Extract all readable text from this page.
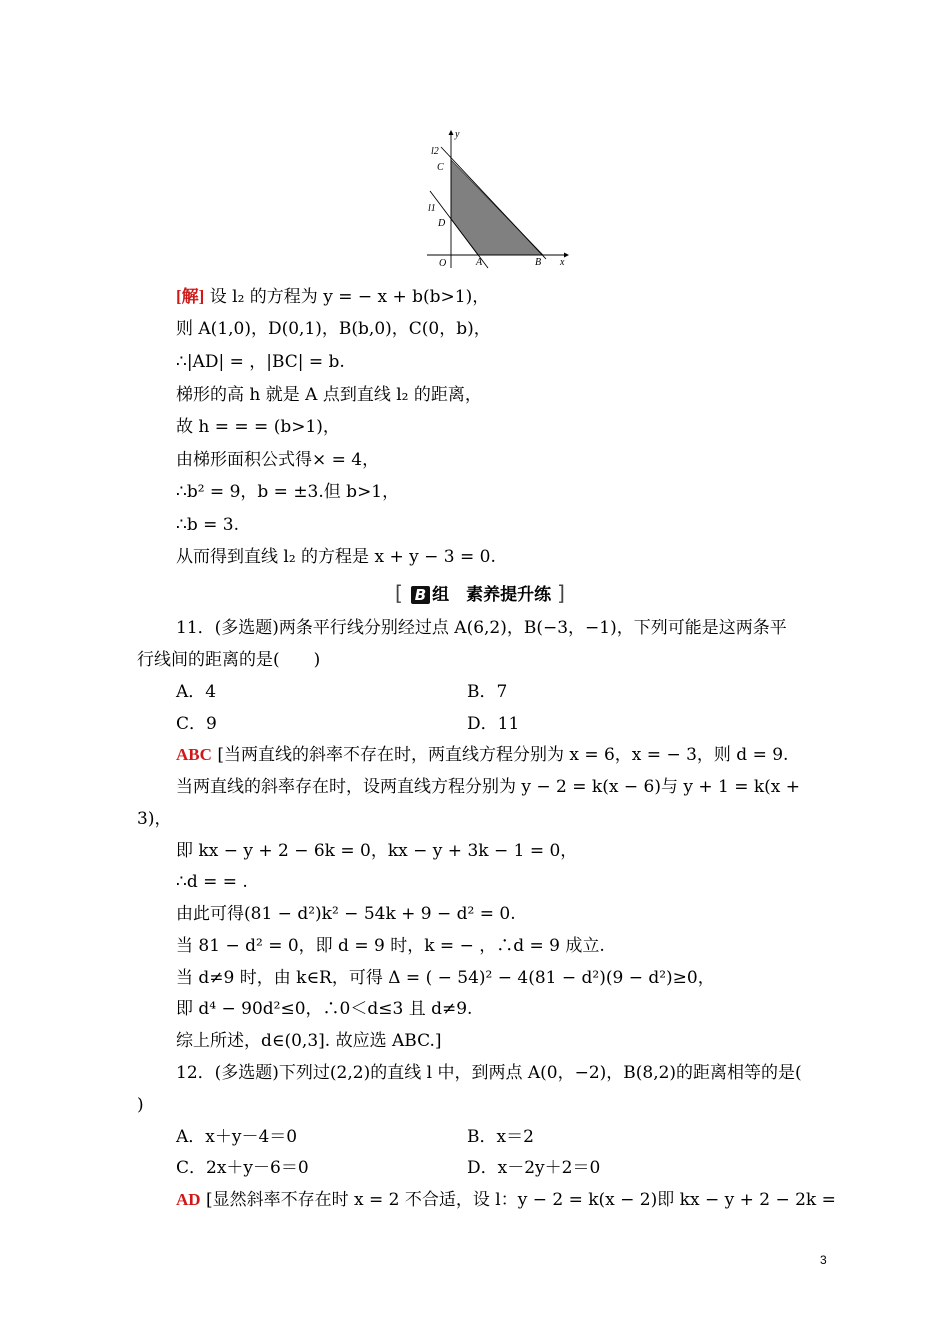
y
x
l2
l1
C
D
O	A	B
[解] 设 l₂ 的方程为 y = − x + b(b>1)，
则 A(1,0)，D(0,1)，B(b,0)，C(0，b)，
∴|AD| = ，|BC| = b.
梯形的高 h 就是 A 点到直线 l₂ 的距离，
故 h = = = (b>1)，
由梯形面积公式得× = 4，
∴b² = 9，b = ±3.但 b>1，
∴b = 3.
从而得到直线 l₂ 的方程是 x + y − 3 = 0.
[ B 组　素养提升练 ]
11．(多选题)两条平行线分别经过点 A(6,2)，B(−3，−1)，下列可能是这两条平
行线间的距离的是(　　)
A．4	B．7
C．9	D．11
ABC [当两直线的斜率不存在时，两直线方程分别为 x = 6，x = − 3，则 d = 9.
当两直线的斜率存在时，设两直线方程分别为 y − 2 = k(x − 6)与 y + 1 = k(x +
3)，
即 kx − y + 2 − 6k = 0，kx − y + 3k − 1 = 0，
∴d = = .
由此可得(81 − d²)k² − 54k + 9 − d² = 0.
当 81 − d² = 0，即 d = 9 时，k = − ，∴d = 9 成立.
当 d≠9 时，由 k∈R，可得 Δ = ( − 54)² − 4(81 − d²)(9 − d²)≥0，
即 d⁴ − 90d²≤0，∴0＜d≤3 且 d≠9.
综上所述，d∈(0,3]. 故应选 ABC.]
12．(多选题)下列过(2,2)的直线 l 中，到两点 A(0，−2)，B(8,2)的距离相等的是(
)
A．x＋y－4＝0	B．x＝2
C．2x＋y－6＝0	D．x－2y＋2＝0
AD [显然斜率不存在时 x = 2 不合适，设 l：y − 2 = k(x − 2)即 kx − y + 2 − 2k =
3
